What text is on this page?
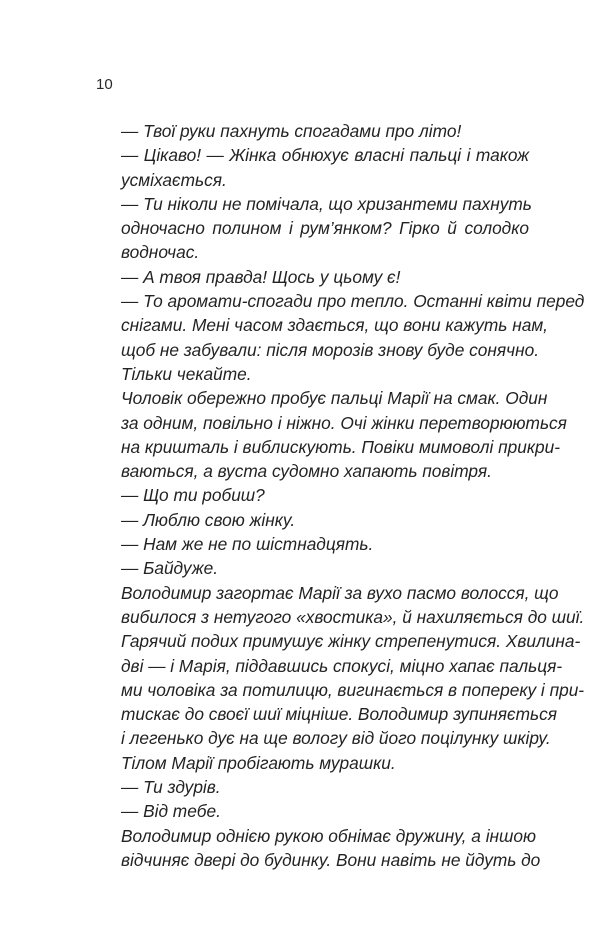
10
— Твої руки пахнуть спогадами про літо!
— Цікаво! — Жінка обнюхує власні пальці і також
усміхається.
— Ти ніколи не помічала, що хризантеми пахнуть
одночасно полином і рум’янком? Гірко й солодко
водночас.
— А твоя правда! Щось у цьому є!
— То аромати-спогади про тепло. Останні квіти перед
снігами. Мені часом здається, що вони кажуть нам,
щоб не забували: після морозів знову буде сонячно.
Тільки чекайте.
Чоловік обережно пробує пальці Марії на смак. Один
за одним, повільно і ніжно. Очі жінки перетворюються
на кришталь і виблискують. Повіки мимоволі прикри-
ваються, а вуста судомно хапають повітря.
— Що ти робиш?
— Люблю свою жінку.
— Нам же не по шістнадцять.
— Байдуже.
Володимир загортає Марії за вухо пасмо волосся, що
вибилося з нетугого «хвостика», й нахиляється до шиї.
Гарячий подих примушує жінку стрепенутися. Хвилина-
дві — і Марія, піддавшись спокусі, міцно хапає пальця-
ми чоловіка за потилицю, вигинається в попереку і при-
тискає до своєї шиї міцніше. Володимир зупиняється
і легенько дує на ще вологу від його поцілунку шкіру.
Тілом Марії пробігають мурашки.
— Ти здурів.
— Від тебе.
Володимир однією рукою обнімає дружину, а іншою
відчиняє двері до будинку. Вони навіть не йдуть до
